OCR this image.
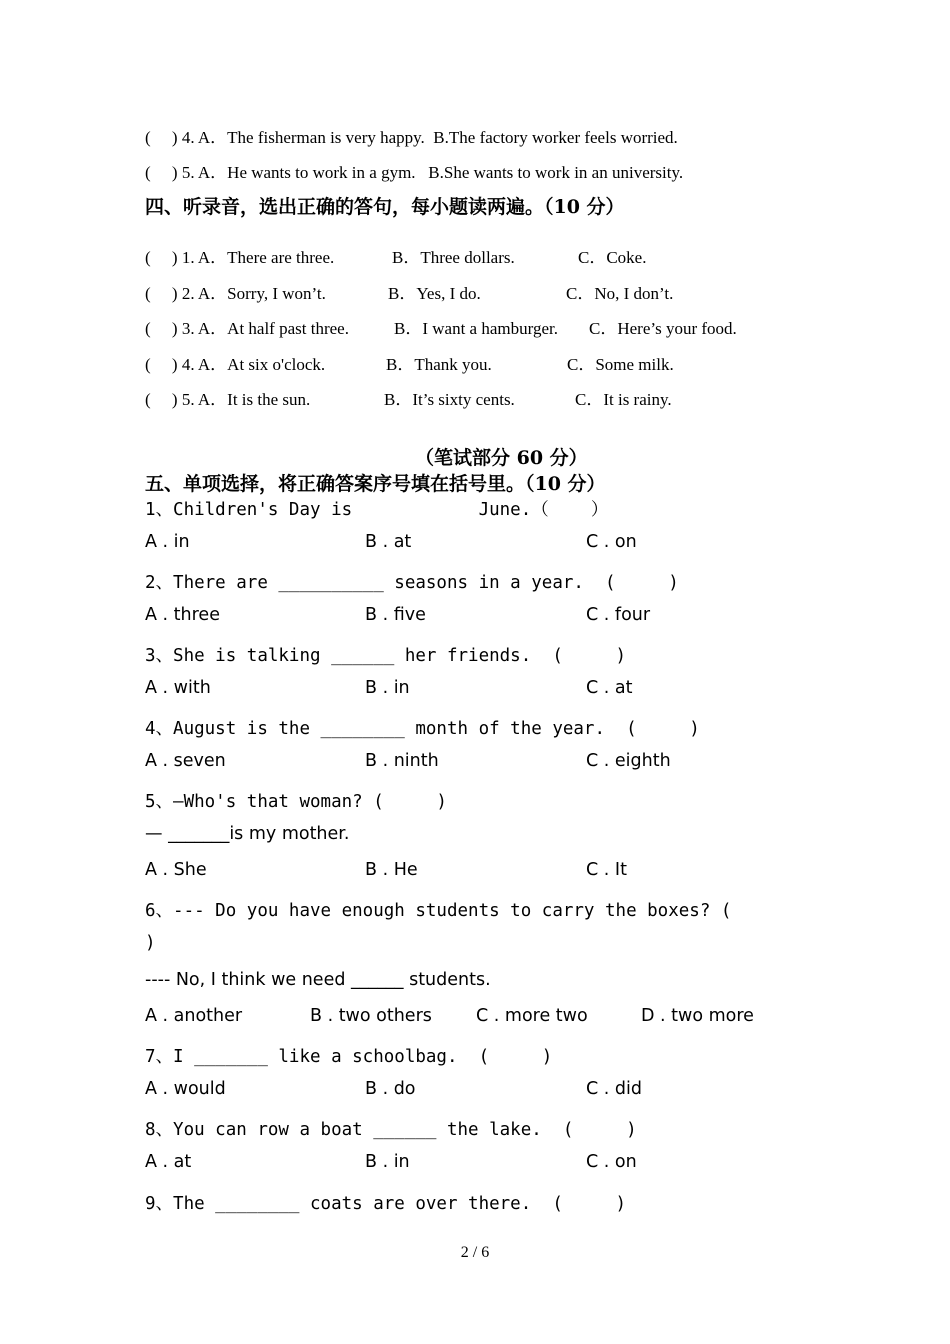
(     ) 4. A．The fisherman is very happy.  B.The factory worker feels worried.
(     ) 5. A．He wants to work in a gym.   B.She wants to work in an university.
四、听录音，选出正确的答句，每小题读两遍。（10 分）
(     ) 1. A．There are three.	B．Three dollars.	C．Coke.
(     ) 2. A．Sorry, I won’t.	B．Yes, I do.	C．No, I don’t.
(     ) 3. A．At half past three.	B．I want a hamburger. C．Here’s your food.
(     ) 4. A．At six o'clock.	B．Thank you.	C．Some milk.
(     ) 5. A．It is the sun.	B．It’s sixty cents.	C．It is rainy.
（笔试部分 60 分）
五、单项选择，将正确答案序号填在括号里。（10 分）
1、Children's Day is            June.（    ）
A . in	B . at	C . on
2、There are __________ seasons in a year.  (     )
A . three	B . five	C . four
3、She is talking ______ her friends.  (     )
A . with	B . in	C . at
4、August is the ________ month of the year.  (     )
A . seven	B . ninth	C . eighth
5、—Who's that woman? (     )
— _______is my mother.
A . She	B . He	C . It
6、--- Do you have enough students to carry the boxes? (
)
---- No, I think we need ______ students.
A . another	B . two others	C . more two	D . two more
7、I _______ like a schoolbag.  (     )
A . would	B . do	C . did
8、You can row a boat ______ the lake.  (     )
A . at	B . in	C . on
9、The ________ coats are over there.  (     )
2 / 6
